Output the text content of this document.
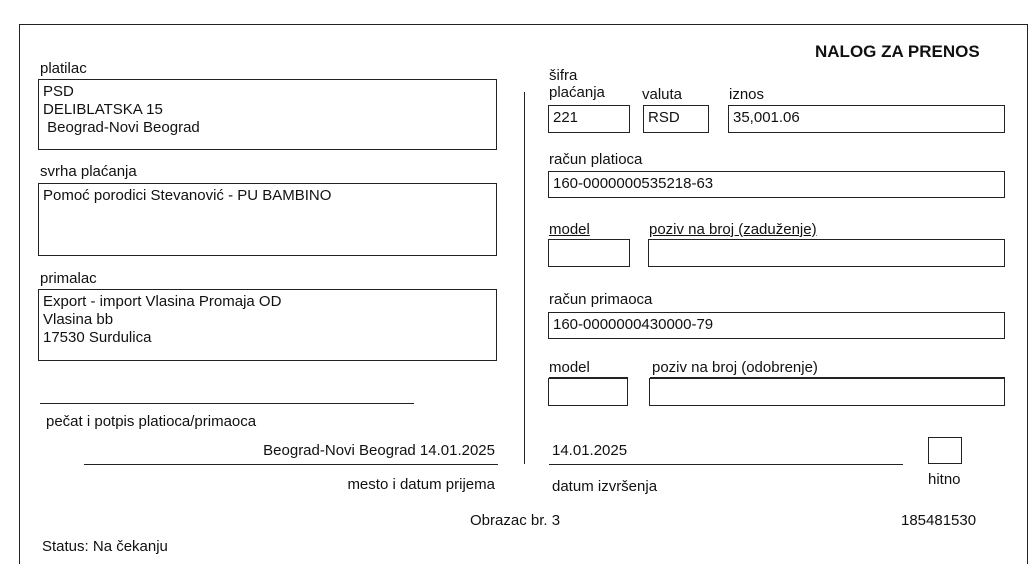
NALOG ZA PRENOS
platilac
PSD
DELIBLATSKA 15
Beograd-Novi Beograd
svrha plaćanja
Pomoć porodici Stevanović - PU BAMBINO
primalac
Export - import Vlasina Promaja OD
Vlasina bb
17530 Surdulica
pečat i potpis platioca/primaoca
Beograd-Novi Beograd 14.01.2025
mesto i datum prijema
šifra
plaćanja
221
valuta
RSD
iznos
35,001.06
račun platioca
160-0000000535218-63
model	poziv na broj (zaduženje)
račun primaoca
160-0000000430000-79
model	poziv na broj (odobrenje)
14.01.2025
datum izvršenja	hitno
Obrazac br. 3	185481530
Status: Na čekanju
